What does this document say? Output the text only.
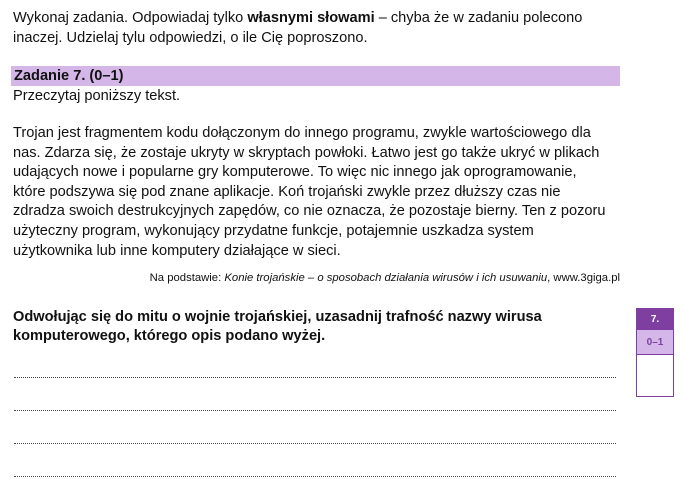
Wykonaj zadania. Odpowiadaj tylko własnymi słowami – chyba że w zadaniu polecono inaczej. Udzielaj tylu odpowiedzi, o ile Cię poproszono.
Zadanie 7. (0–1)
Przeczytaj poniższy tekst.
Trojan jest fragmentem kodu dołączonym do innego programu, zwykle wartościowego dla
nas. Zdarza się, że zostaje ukryty w skryptach powłoki. Łatwo jest go także ukryć w plikach
udających nowe i popularne gry komputerowe. To więc nic innego jak oprogramowanie,
które podszywa się pod znane aplikacje. Koń trojański zwykle przez dłuższy czas nie
zdradza swoich destrukcyjnych zapędów, co nie oznacza, że pozostaje bierny. Ten z pozoru
użyteczny program, wykonujący przydatne funkcje, potajemnie uszkadza system
użytkownika lub inne komputery działające w sieci.
Na podstawie: Konie trojańskie – o sposobach działania wirusów i ich usuwaniu, www.3giga.pl
Odwołując się do mitu o wojnie trojańskiej, uzasadnij trafność nazwy wirusa
komputerowego, którego opis podano wyżej.
7.
0–1
